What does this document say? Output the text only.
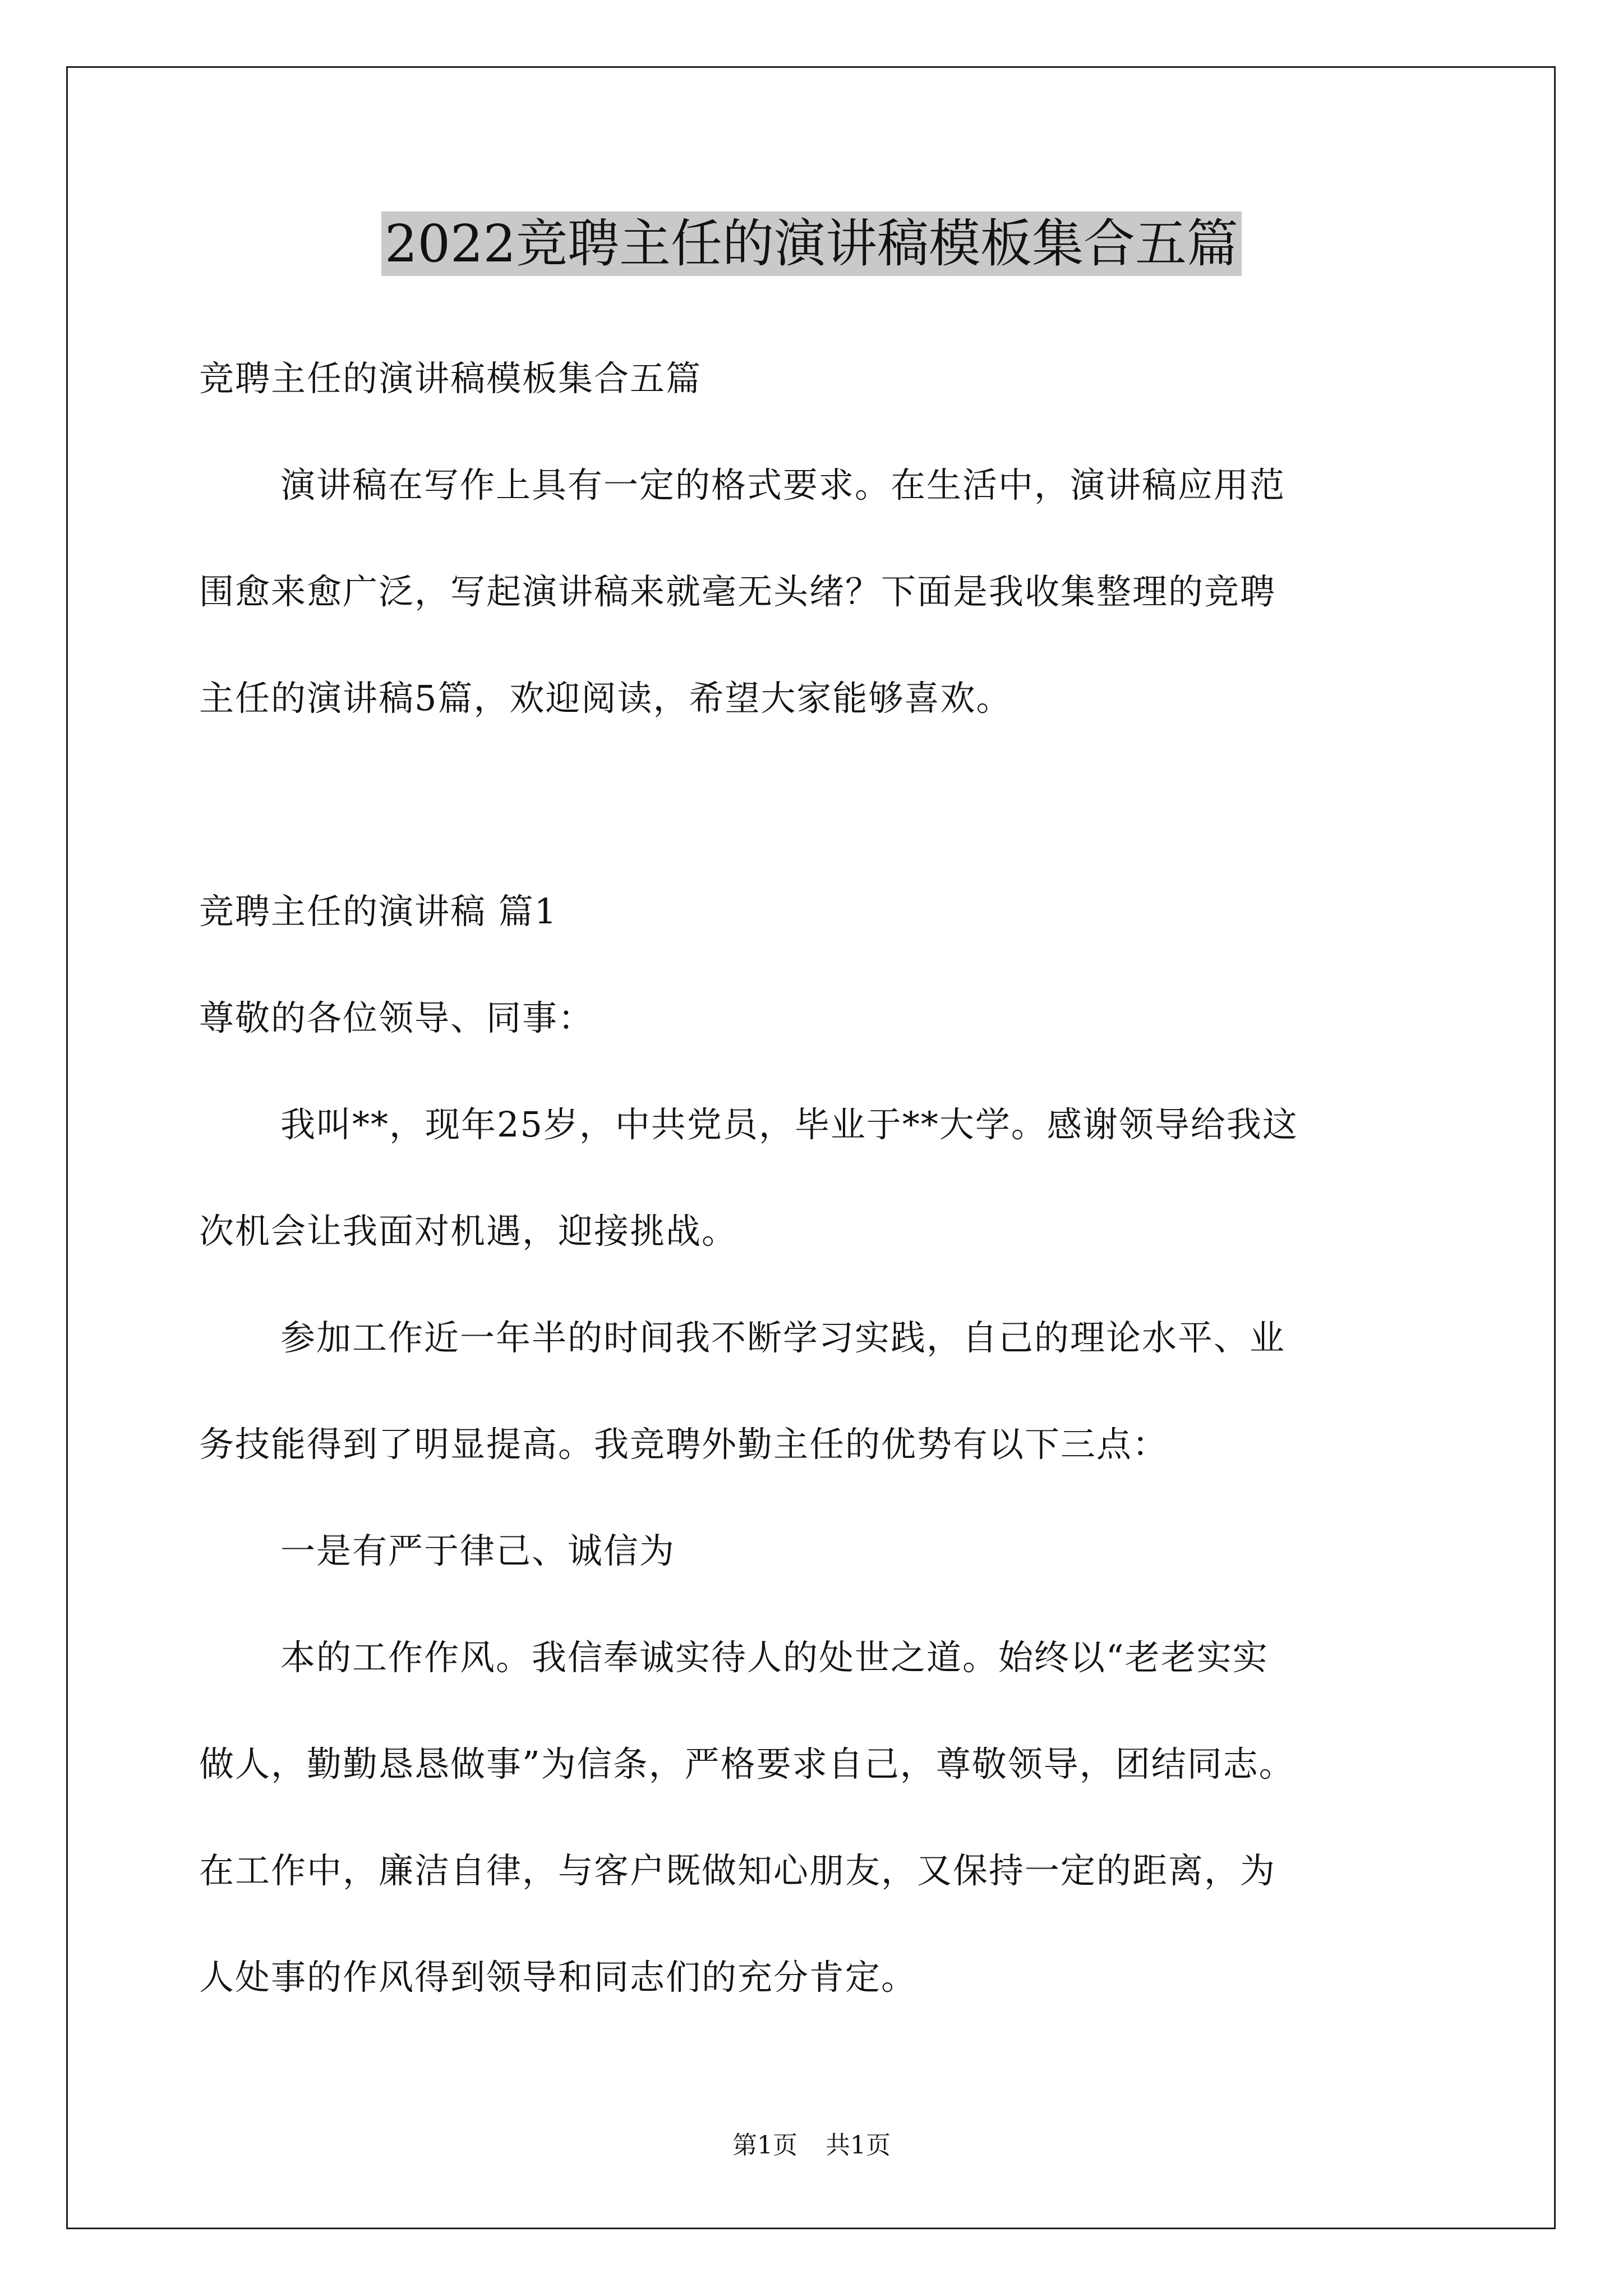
2022竞聘主任的演讲稿模板集合五篇
竞聘主任的演讲稿模板集合五篇
演讲稿在写作上具有一定的格式要求。在生活中，演讲稿应用范
围愈来愈广泛，写起演讲稿来就毫无头绪？下面是我收集整理的竞聘
主任的演讲稿5篇，欢迎阅读，希望大家能够喜欢。
竞聘主任的演讲稿 篇1
尊敬的各位领导、同事：
我叫**，现年25岁，中共党员，毕业于**大学。感谢领导给我这
次机会让我面对机遇，迎接挑战。
参加工作近一年半的时间我不断学习实践，自己的理论水平、业
务技能得到了明显提高。我竞聘外勤主任的优势有以下三点：
一是有严于律己、诚信为
本的工作作风。我信奉诚实待人的处世之道。始终以“老老实实
做人，勤勤恳恳做事”为信条，严格要求自己，尊敬领导，团结同志。
在工作中，廉洁自律，与客户既做知心朋友，又保持一定的距离，为
人处事的作风得到领导和同志们的充分肯定。
第1页 共1页
